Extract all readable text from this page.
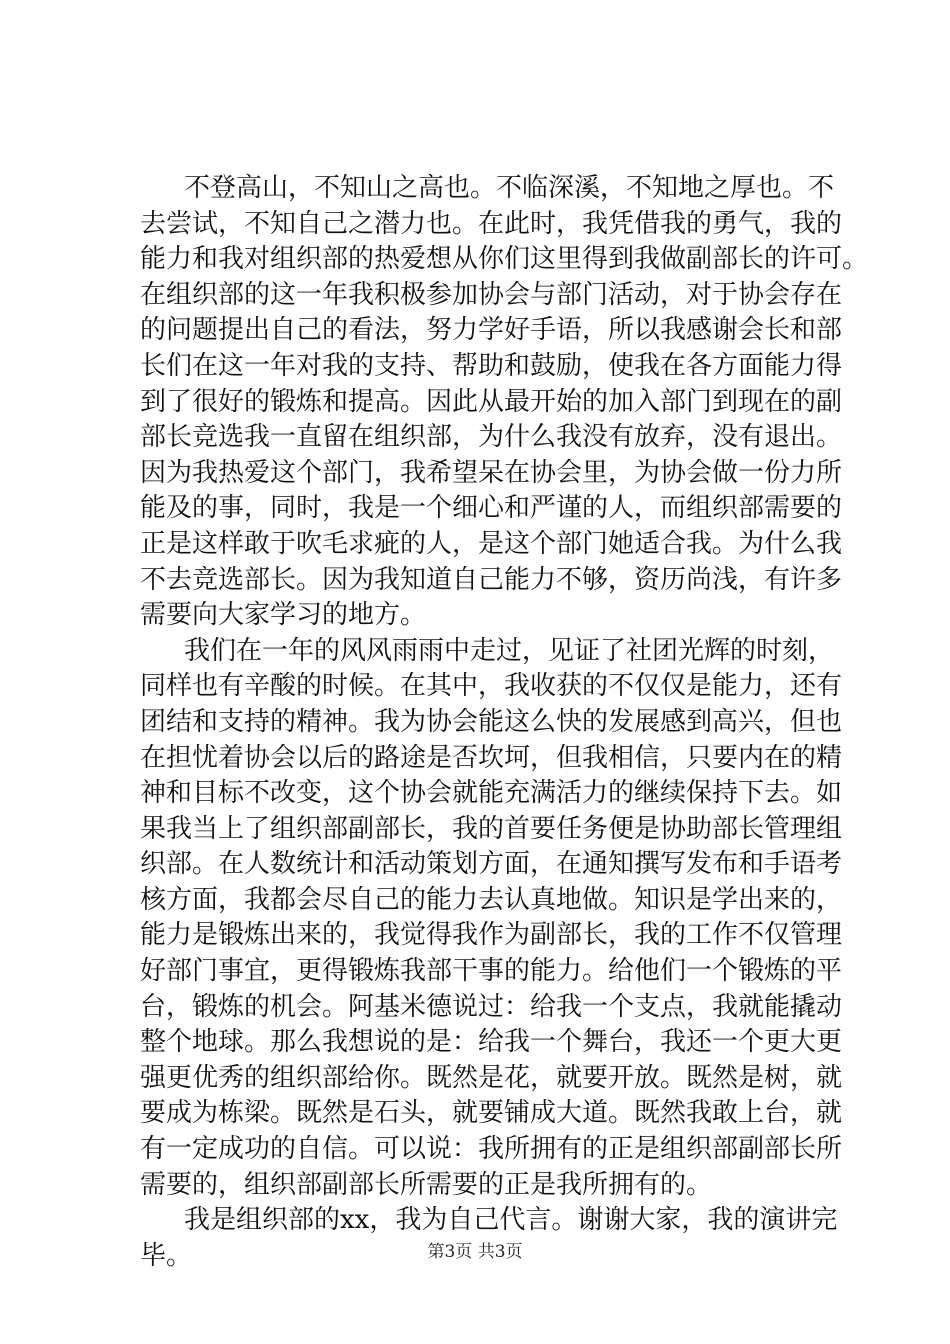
不登高山，不知山之高也。不临深溪，不知地之厚也。不
去尝试，不知自己之潜力也。在此时，我凭借我的勇气，我的
能力和我对组织部的热爱想从你们这里得到我做副部长的许可。
在组织部的这一年我积极参加协会与部门活动，对于协会存在
的问题提出自己的看法，努力学好手语，所以我感谢会长和部
长们在这一年对我的支持、帮助和鼓励，使我在各方面能力得
到了很好的锻炼和提高。因此从最开始的加入部门到现在的副
部长竞选我一直留在组织部，为什么我没有放弃，没有退出。
因为我热爱这个部门，我希望呆在协会里，为协会做一份力所
能及的事，同时，我是一个细心和严谨的人，而组织部需要的
正是这样敢于吹毛求疵的人，是这个部门她适合我。为什么我
不去竞选部长。因为我知道自己能力不够，资历尚浅，有许多
需要向大家学习的地方。
我们在一年的风风雨雨中走过，见证了社团光辉的时刻，
同样也有辛酸的时候。在其中，我收获的不仅仅是能力，还有
团结和支持的精神。我为协会能这么快的发展感到高兴，但也
在担忧着协会以后的路途是否坎坷，但我相信，只要内在的精
神和目标不改变，这个协会就能充满活力的继续保持下去。如
果我当上了组织部副部长，我的首要任务便是协助部长管理组
织部。在人数统计和活动策划方面，在通知撰写发布和手语考
核方面，我都会尽自己的能力去认真地做。知识是学出来的，
能力是锻炼出来的，我觉得我作为副部长，我的工作不仅管理
好部门事宜，更得锻炼我部干事的能力。给他们一个锻炼的平
台，锻炼的机会。阿基米德说过：给我一个支点，我就能撬动
整个地球。那么我想说的是：给我一个舞台，我还一个更大更
强更优秀的组织部给你。既然是花，就要开放。既然是树，就
要成为栋梁。既然是石头，就要铺成大道。既然我敢上台，就
有一定成功的自信。可以说：我所拥有的正是组织部副部长所
需要的，组织部副部长所需要的正是我所拥有的。
我是组织部的xx，我为自己代言。谢谢大家，我的演讲完
毕。	第3页 共3页
